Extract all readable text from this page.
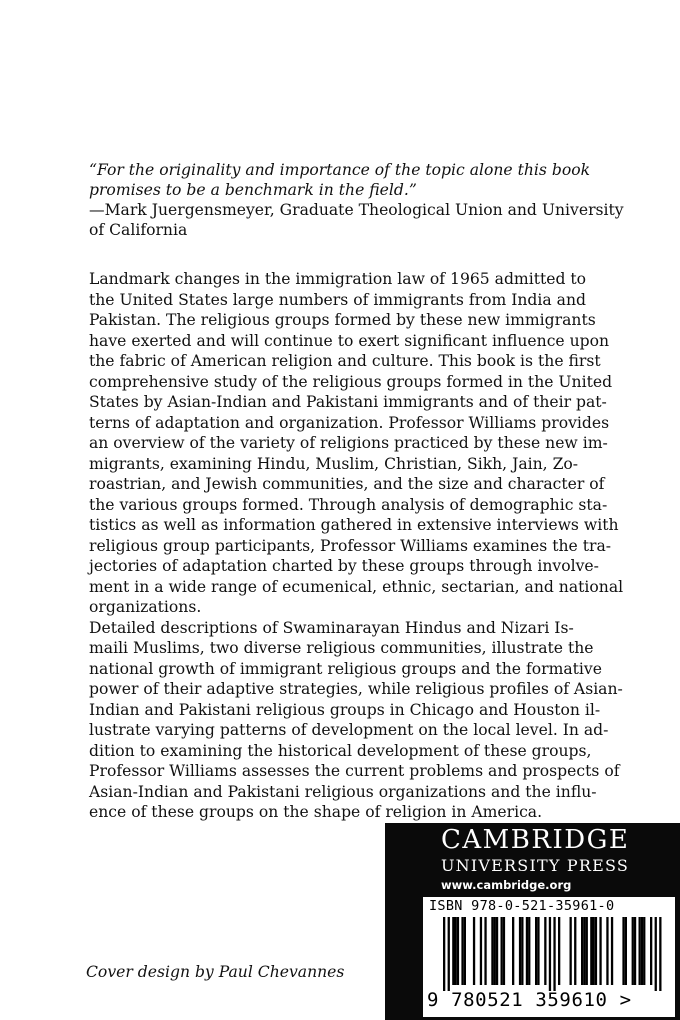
“For the originality and importance of the topic alone this book
promises to be a benchmark in the field.”
—Mark Juergensmeyer, Graduate Theological Union and University
of California
Landmark changes in the immigration law of 1965 admitted to
the United States large numbers of immigrants from India and
Pakistan. The religious groups formed by these new immigrants
have exerted and will continue to exert significant influence upon
the fabric of American religion and culture. This book is the first
comprehensive study of the religious groups formed in the United
States by Asian-Indian and Pakistani immigrants and of their pat-
terns of adaptation and organization. Professor Williams provides
an overview of the variety of religions practiced by these new im-
migrants, examining Hindu, Muslim, Christian, Sikh, Jain, Zo-
roastrian, and Jewish communities, and the size and character of
the various groups formed. Through analysis of demographic sta-
tistics as well as information gathered in extensive interviews with
religious group participants, Professor Williams examines the tra-
jectories of adaptation charted by these groups through involve-
ment in a wide range of ecumenical, ethnic, sectarian, and national
organizations.
Detailed descriptions of Swaminarayan Hindus and Nizari Is-
maili Muslims, two diverse religious communities, illustrate the
national growth of immigrant religious groups and the formative
power of their adaptive strategies, while religious profiles of Asian-
Indian and Pakistani religious groups in Chicago and Houston il-
lustrate varying patterns of development on the local level. In ad-
dition to examining the historical development of these groups,
Professor Williams assesses the current problems and prospects of
Asian-Indian and Pakistani religious organizations and the influ-
ence of these groups on the shape of religion in America.
Cover design by Paul Chevannes
CAMBRIDGE
UNIVERSITY PRESS
www.cambridge.org
ISBN 978-0-521-35961-0
9 780521 359610 >
